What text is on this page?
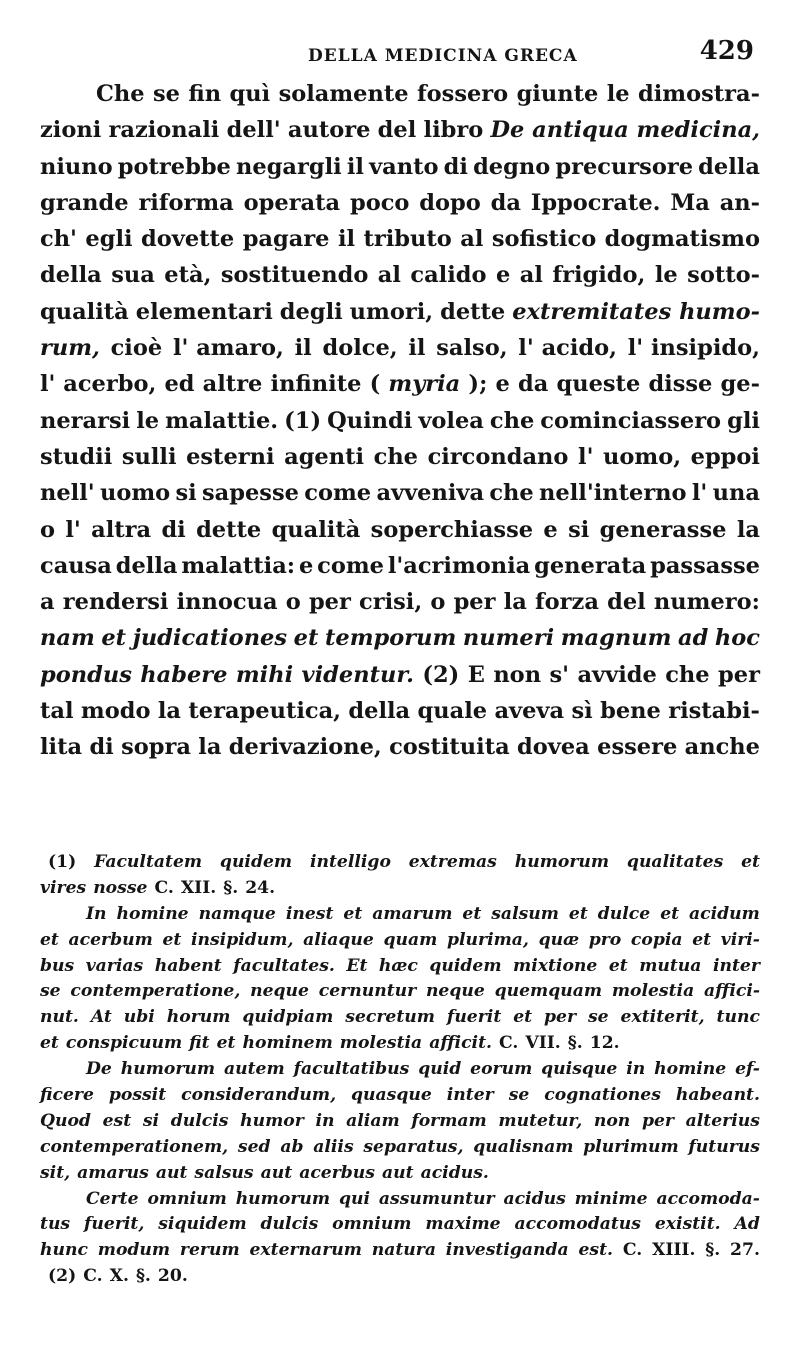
DELLA MEDICINA GRECA	429
Che se fin quì solamente fossero giunte le dimostra-
zioni razionali dell' autore del libro De antiqua medicina,
niuno potrebbe negargli il vanto di degno precursore della
grande riforma operata poco dopo da Ippocrate. Ma an-
ch' egli dovette pagare il tributo al sofistico dogmatismo
della sua età, sostituendo al calido e al frigido, le sotto-
qualità elementari degli umori, dette extremitates humo-
rum, cioè l' amaro, il dolce, il salso, l' acido, l' insipido,
l' acerbo, ed altre infinite ( myria ); e da queste disse ge-
nerarsi le malattie. (1) Quindi volea che cominciassero gli
studii sulli esterni agenti che circondano l' uomo, eppoi
nell' uomo si sapesse come avveniva che nell'interno l' una
o l' altra di dette qualità soperchiasse e si generasse la
causa della malattia: e come l'acrimonia generata passasse
a rendersi innocua o per crisi, o per la forza del numero:
nam et judicationes et temporum numeri magnum ad hoc
pondus habere mihi videntur. (2) E non s' avvide che per
tal modo la terapeutica, della quale aveva sì bene ristabi-
lita di sopra la derivazione, costituita dovea essere anche
(1) Facultatem quidem intelligo extremas humorum qualitates et
vires nosse C. XII. §. 24.
In homine namque inest et amarum et salsum et dulce et acidum
et acerbum et insipidum, aliaque quam plurima, quæ pro copia et viri-
bus varias habent facultates. Et hæc quidem mixtione et mutua inter
se contemperatione, neque cernuntur neque quemquam molestia affici-
nut. At ubi horum quidpiam secretum fuerit et per se extiterit, tunc
et conspicuum fit et hominem molestia afficit. C. VII. §. 12.
De humorum autem facultatibus quid eorum quisque in homine ef-
ficere possit considerandum, quasque inter se cognationes habeant.
Quod est si dulcis humor in aliam formam mutetur, non per alterius
contemperationem, sed ab aliis separatus, qualisnam plurimum futurus
sit, amarus aut salsus aut acerbus aut acidus.
Certe omnium humorum qui assumuntur acidus minime accomoda-
tus fuerit, siquidem dulcis omnium maxime accomodatus existit. Ad
hunc modum rerum externarum natura investiganda est. C. XIII. §. 27.
(2) C. X. §. 20.
